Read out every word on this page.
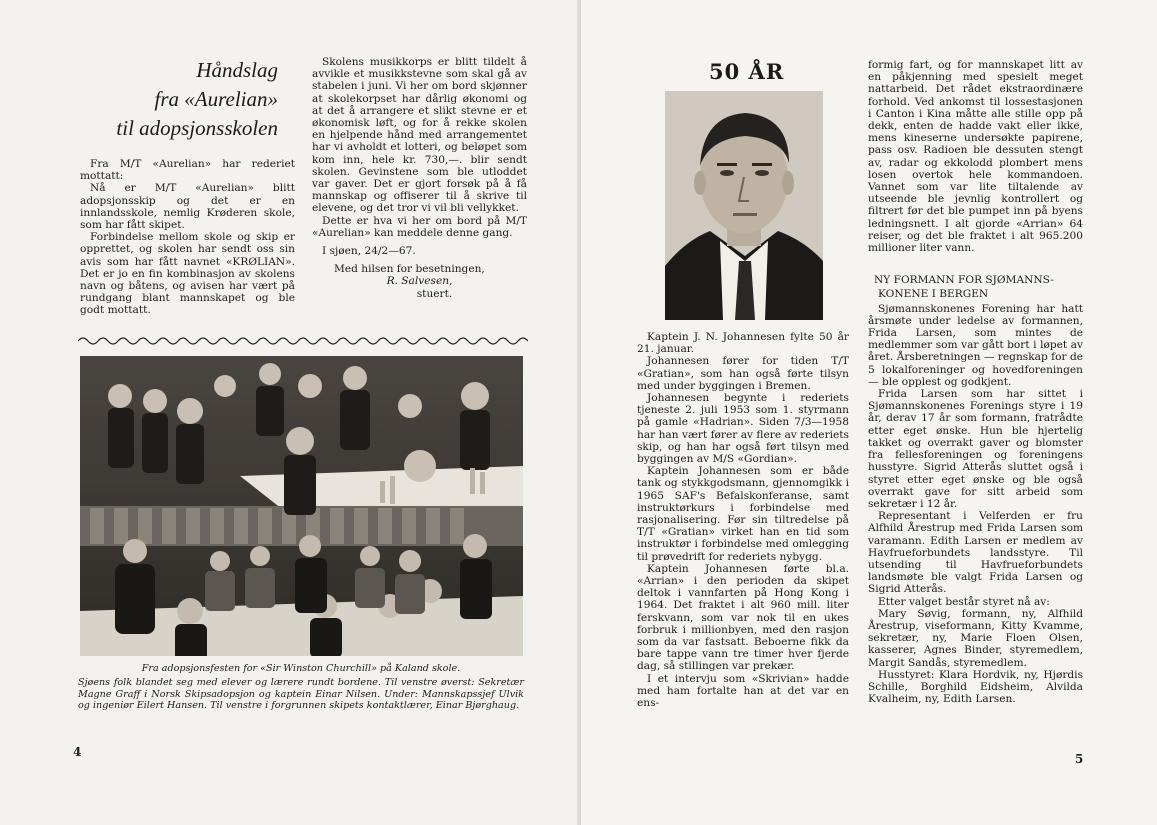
Håndslag
fra «Aurelian»
til adopsjonsskolen

Fra M/T «Aurelian» har rederiet mottatt:

Nå er M/T «Aurelian» blitt adopsjonsskip og det er en innlandsskole, nemlig Krøderen skole, som har fått skipet.

Forbindelse mellom skole og skip er opprettet, og skolen har sendt oss sin avis som har fått navnet «KRØLIAN». Det er jo en fin kombinasjon av skolens navn og båtens, og avisen har vært på rundgang blant mannskapet og ble godt mottatt.

Skolens musikkorps er blitt tildelt å avvikle et musikkstevne som skal gå av stabelen i juni. Vi her om bord skjønner at skolekorpset har dårlig økonomi og at det å arrangere et slikt stevne er et økonomisk løft, og for å rekke skolen en hjelpende hånd med arrangementet har vi avholdt et lotteri, og beløpet som kom inn, hele kr. 730,—. blir sendt skolen. Gevinstene som ble utloddet var gaver. Det er gjort forsøk på å få mannskap og offiserer til å skrive til elevene, og det tror vi vil bli vellykket.

Dette er hva vi her om bord på M/T «Aurelian» kan meddele denne gang.

I sjøen, 24/2—67.

Med hilsen for besetningen,

R. Salvesen,
stuert.
Fra adopsjonsfesten for «Sir Winston Churchill» på Kaland skole.
Sjøens folk blandet seg med elever og lærere rundt bordene. Til venstre øverst: Sekretær Magne Graff i Norsk Skipsadopsjon og kaptein Einar Nilsen. Under: Mannskapssjef Ulvik og ingeniør Eilert Hansen. Til venstre i forgrunnen skipets kontaktlærer, Einar Bjørghaug.
4
50 ÅR

Kaptein J. N. Johannesen fylte 50 år 21. januar.

Johannesen fører for tiden T/T «Gratian», som han også førte tilsyn med under byggingen i Bremen.

Johannesen begynte i rederiets tjeneste 2. juli 1953 som 1. styrmann på gamle «Hadrian». Siden 7/3—1958 har han vært fører av flere av rederiets skip, og han har også ført tilsyn med byggingen av M/S «Gordian».

Kaptein Johannesen som er både tank og stykkgodsmann, gjennomgikk i 1965 SAF's Befalskonferanse, samt instruktørkurs i forbindelse med rasjonalisering. Før sin tiltredelse på T/T «Gratian» virket han en tid som instruktør i forbindelse med omlegging til prøvedrift for rederiets nybygg.

Kaptein Johannesen førte bl.a. «Arrian» i den perioden da skipet deltok i vannfarten på Hong Kong i 1964. Det fraktet i alt 960 mill. liter ferskvann, som var nok til en ukes forbruk i millionbyen, med den rasjon som da var fastsatt. Beboerne fikk da bare tappe vann tre timer hver fjerde dag, så stillingen var prekær.

I et intervju som «Skrivian» hadde med ham fortalte han at det var en ens-

formig fart, og for mannskapet litt av en påkjenning med spesielt meget nattarbeid. Det rådet ekstraordinære forhold. Ved ankomst til lossestasjonen i Canton i Kina måtte alle stille opp på dekk, enten de hadde vakt eller ikke, mens kineserne undersøkte papirene, pass osv. Radioen ble dessuten stengt av, radar og ekkolodd plombert mens losen overtok hele kommandoen. Vannet som var lite tiltalende av utseende ble jevnlig kontrollert og filtrert før det ble pumpet inn på byens ledningsnett. I alt gjorde «Arrian» 64 reiser, og det ble fraktet i alt 965.200 millioner liter vann.

NY FORMANN FOR SJØMANNS-
KONENE I BERGEN

Sjømannskonenes Forening har hatt årsmøte under ledelse av formannen, Frida Larsen, som mintes de medlemmer som var gått bort i løpet av året. Årsberetningen — regnskap for de 5 lokalforeninger og hovedforeningen — ble opplest og godkjent.

Frida Larsen som har sittet i Sjømannskonenes Forenings styre i 19 år, derav 17 år som formann, fratrådte etter eget ønske. Hun ble hjertelig takket og overrakt gaver og blomster fra fellesforeningen og foreningens husstyre. Sigrid Atterås sluttet også i styret etter eget ønske og ble også overrakt gave for sitt arbeid som sekretær i 12 år.

Representant i Velferden er fru Alfhild Årestrup med Frida Larsen som varamann. Edith Larsen er medlem av Havfrueforbundets landsstyre. Til utsending til Havfrueforbundets landsmøte ble valgt Frida Larsen og Sigrid Atterås.

Etter valget består styret nå av:

Mary Søvig, formann, ny, Alfhild Årestrup, viseformann, Kitty Kvamme, sekretær, ny, Marie Floen Olsen, kasserer, Agnes Binder, styremedlem, Margit Sandås, styremedlem.

Husstyret: Klara Hordvik, ny, Hjørdis Schille, Borghild Eidsheim, Alvilda Kvalheim, ny, Edith Larsen.

5
